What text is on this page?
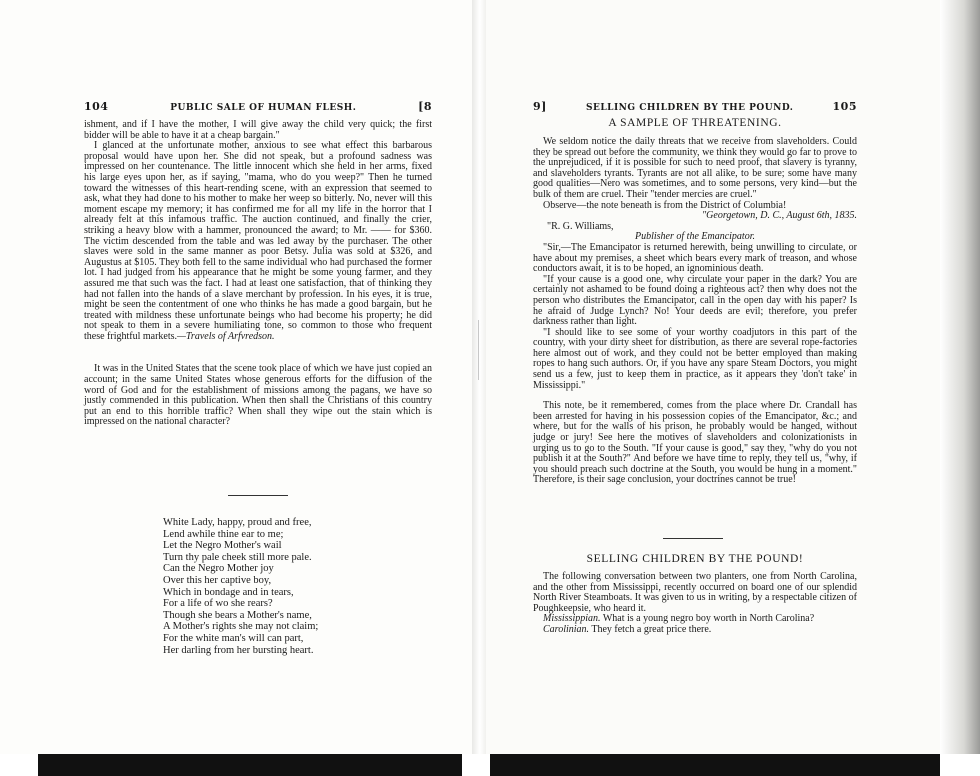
104	PUBLIC SALE OF HUMAN FLESH.	[8

ishment, and if I have the mother, I will give away the child very quick; the first bidder will be able to have it at a cheap bargain."

I glanced at the unfortunate mother, anxious to see what effect this barbarous proposal would have upon her. She did not speak, but a profound sadness was impressed on her countenance. The little innocent which she held in her arms, fixed his large eyes upon her, as if saying, "mama, who do you weep?" Then he turned toward the witnesses of this heart-rending scene, with an expression that seemed to ask, what they had done to his mother to make her weep so bitterly. No, never will this moment escape my memory; it has confirmed me for all my life in the horror that I already felt at this infamous traffic. The auction continued, and finally the crier, striking a heavy blow with a hammer, pronounced the award; to Mr. —— for $360. The victim descended from the table and was led away by the purchaser. The other slaves were sold in the same manner as poor Betsy. Julia was sold at $326, and Augustus at $105. They both fell to the same individual who had purchased the former lot. I had judged from his appearance that he might be some young farmer, and they assured me that such was the fact. I had at least one satisfaction, that of thinking they had not fallen into the hands of a slave merchant by profession. In his eyes, it is true, might be seen the contentment of one who thinks he has made a good bargain, but he treated with mildness these unfortunate beings who had become his property; he did not speak to them in a severe humiliating tone, so common to those who frequent these frightful markets.—Travels of Arfvredson.

It was in the United States that the scene took place of which we have just copied an account; in the same United States whose generous efforts for the diffusion of the word of God and for the establishment of missions among the pagans, we have so justly commended in this publication. When then shall the Christians of this country put an end to this horrible traffic? When shall they wipe out the stain which is impressed on the national character?

White Lady, happy, proud and free,
Lend awhile thine ear to me;
Let the Negro Mother's wail
Turn thy pale cheek still more pale.
Can the Negro Mother joy
Over this her captive boy,
Which in bondage and in tears,
For a life of wo she rears?
Though she bears a Mother's name,
A Mother's rights she may not claim;
For the white man's will can part,
Her darling from her bursting heart.
9]	SELLING CHILDREN BY THE POUND.	105
A SAMPLE OF THREATENING.

We seldom notice the daily threats that we receive from slaveholders. Could they be spread out before the community, we think they would go far to prove to the unprejudiced, if it is possible for such to need proof, that slavery is tyranny, and slaveholders tyrants. Tyrants are not all alike, to be sure; some have many good qualities—Nero was sometimes, and to some persons, very kind—but the bulk of them are cruel. Their "tender mercies are cruel."

Observe—the note beneath is from the District of Columbia!

"Georgetown, D. C., August 6th, 1835.
"R. G. Williams,
Publisher of the Emancipator.

"Sir,—The Emancipator is returned herewith, being unwilling to circulate, or have about my premises, a sheet which bears every mark of treason, and whose conductors await, it is to be hoped, an ignominious death.

"If your cause is a good one, why circulate your paper in the dark? You are certainly not ashamed to be found doing a righteous act? then why does not the person who distributes the Emancipator, call in the open day with his paper? Is he afraid of Judge Lynch? No! Your deeds are evil; therefore, you prefer darkness rather than light.

"I should like to see some of your worthy coadjutors in this part of the country, with your dirty sheet for distribution, as there are several rope-factories here almost out of work, and they could not be better employed than making ropes to hang such authors. Or, if you have any spare Steam Doctors, you might send us a few, just to keep them in practice, as it appears they 'don't take' in Mississippi."

This note, be it remembered, comes from the place where Dr. Crandall has been arrested for having in his possession copies of the Emancipator, &c.; and where, but for the walls of his prison, he probably would be hanged, without judge or jury! See here the motives of slaveholders and colonizationists in urging us to go to the South. "If your cause is good," say they, "why do you not publish it at the South?" And before we have time to reply, they tell us, "why, if you should preach such doctrine at the South, you would be hung in a moment." Therefore, is their sage conclusion, your doctrines cannot be true!

SELLING CHILDREN BY THE POUND!

The following conversation between two planters, one from North Carolina, and the other from Mississippi, recently occurred on board one of our splendid North River Steamboats. It was given to us in writing, by a respectable citizen of Poughkeepsie, who heard it.

Mississippian. What is a young negro boy worth in North Carolina?

Carolinian. They fetch a great price there.
